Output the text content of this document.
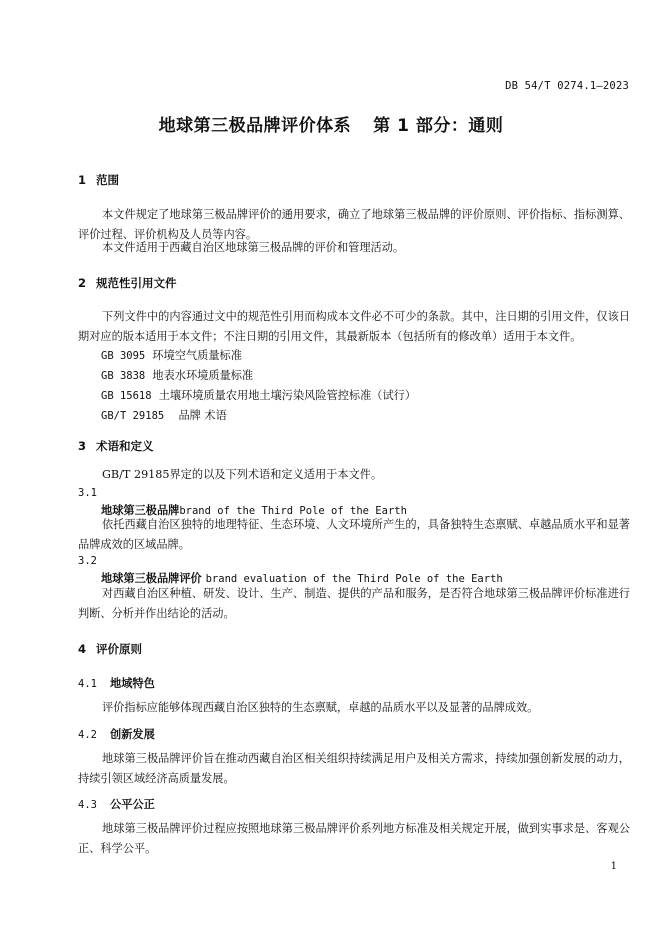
DB 54/T 0274.1—2023
地球第三极品牌评价体系 第 1 部分：通则
1 范围
本文件规定了地球第三极品牌评价的通用要求，确立了地球第三极品牌的评价原则、评价指标、指标测算、评价过程、评价机构及人员等内容。
本文件适用于西藏自治区地球第三极品牌的评价和管理活动。
2 规范性引用文件
下列文件中的内容通过文中的规范性引用而构成本文件必不可少的条款。其中，注日期的引用文件，仅该日期对应的版本适用于本文件；不注日期的引用文件，其最新版本（包括所有的修改单）适用于本文件。
GB 3095 环境空气质量标准
GB 3838 地表水环境质量标准
GB 15618 土壤环境质量农用地土壤污染风险管控标准（试行）
GB/T 29185 品牌 术语
3 术语和定义
GB/T 29185界定的以及下列术语和定义适用于本文件。
3.1
地球第三极品牌brand of the Third Pole of the Earth
依托西藏自治区独特的地理特征、生态环境、人文环境所产生的，具备独特生态禀赋、卓越品质水平和显著品牌成效的区域品牌。
3.2
地球第三极品牌评价 brand evaluation of the Third Pole of the Earth
对西藏自治区种植、研发、设计、生产、制造、提供的产品和服务，是否符合地球第三极品牌评价标准进行判断、分析并作出结论的活动。
4 评价原则
4.1 地域特色
评价指标应能够体现西藏自治区独特的生态禀赋，卓越的品质水平以及显著的品牌成效。
4.2 创新发展
地球第三极品牌评价旨在推动西藏自治区相关组织持续满足用户及相关方需求，持续加强创新发展的动力，持续引领区域经济高质量发展。
4.3 公平公正
地球第三极品牌评价过程应按照地球第三极品牌评价系列地方标准及相关规定开展，做到实事求是、客观公正、科学公平。
1
